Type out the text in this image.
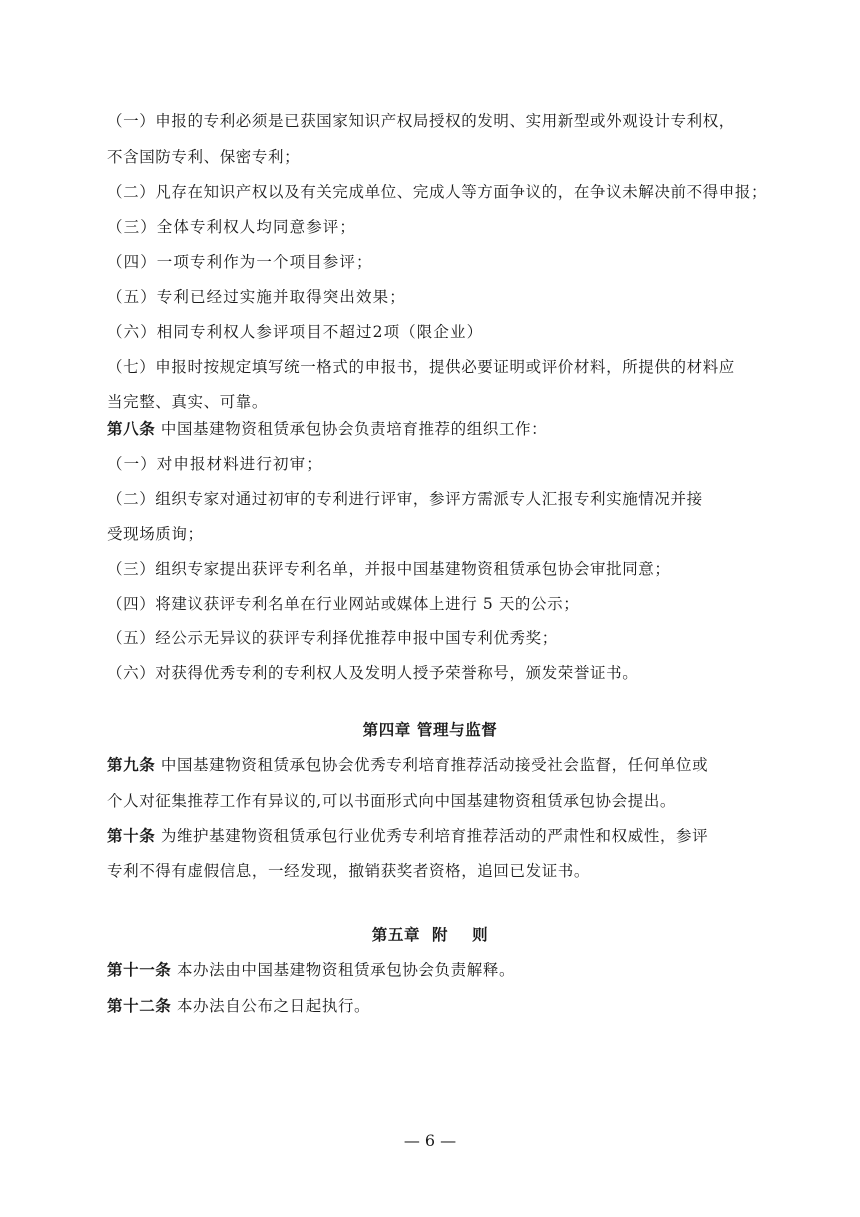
（一）申报的专利必须是已获国家知识产权局授权的发明、实用新型或外观设计专利权，
不含国防专利、保密专利；
（二）凡存在知识产权以及有关完成单位、完成人等方面争议的，在争议未解决前不得申报；
（三）全体专利权人均同意参评；
（四）一项专利作为一个项目参评；
（五）专利已经过实施并取得突出效果；
（六）相同专利权人参评项目不超过2项（限企业）
（七）申报时按规定填写统一格式的申报书，提供必要证明或评价材料，所提供的材料应
当完整、真实、可靠。
第八条 中国基建物资租赁承包协会负责培育推荐的组织工作：
（一）对申报材料进行初审；
（二）组织专家对通过初审的专利进行评审，参评方需派专人汇报专利实施情况并接
受现场质询；
（三）组织专家提出获评专利名单，并报中国基建物资租赁承包协会审批同意；
（四）将建议获评专利名单在行业网站或媒体上进行 5 天的公示；
（五）经公示无异议的获评专利择优推荐申报中国专利优秀奖；
（六）对获得优秀专利的专利权人及发明人授予荣誉称号，颁发荣誉证书。
第四章 管理与监督
第九条 中国基建物资租赁承包协会优秀专利培育推荐活动接受社会监督，任何单位或
个人对征集推荐工作有异议的,可以书面形式向中国基建物资租赁承包协会提出。
第十条 为维护基建物资租赁承包行业优秀专利培育推荐活动的严肃性和权威性，参评
专利不得有虚假信息，一经发现，撤销获奖者资格，追回已发证书。
第五章  附    则
第十一条 本办法由中国基建物资租赁承包协会负责解释。
第十二条 本办法自公布之日起执行。
— 6 —
